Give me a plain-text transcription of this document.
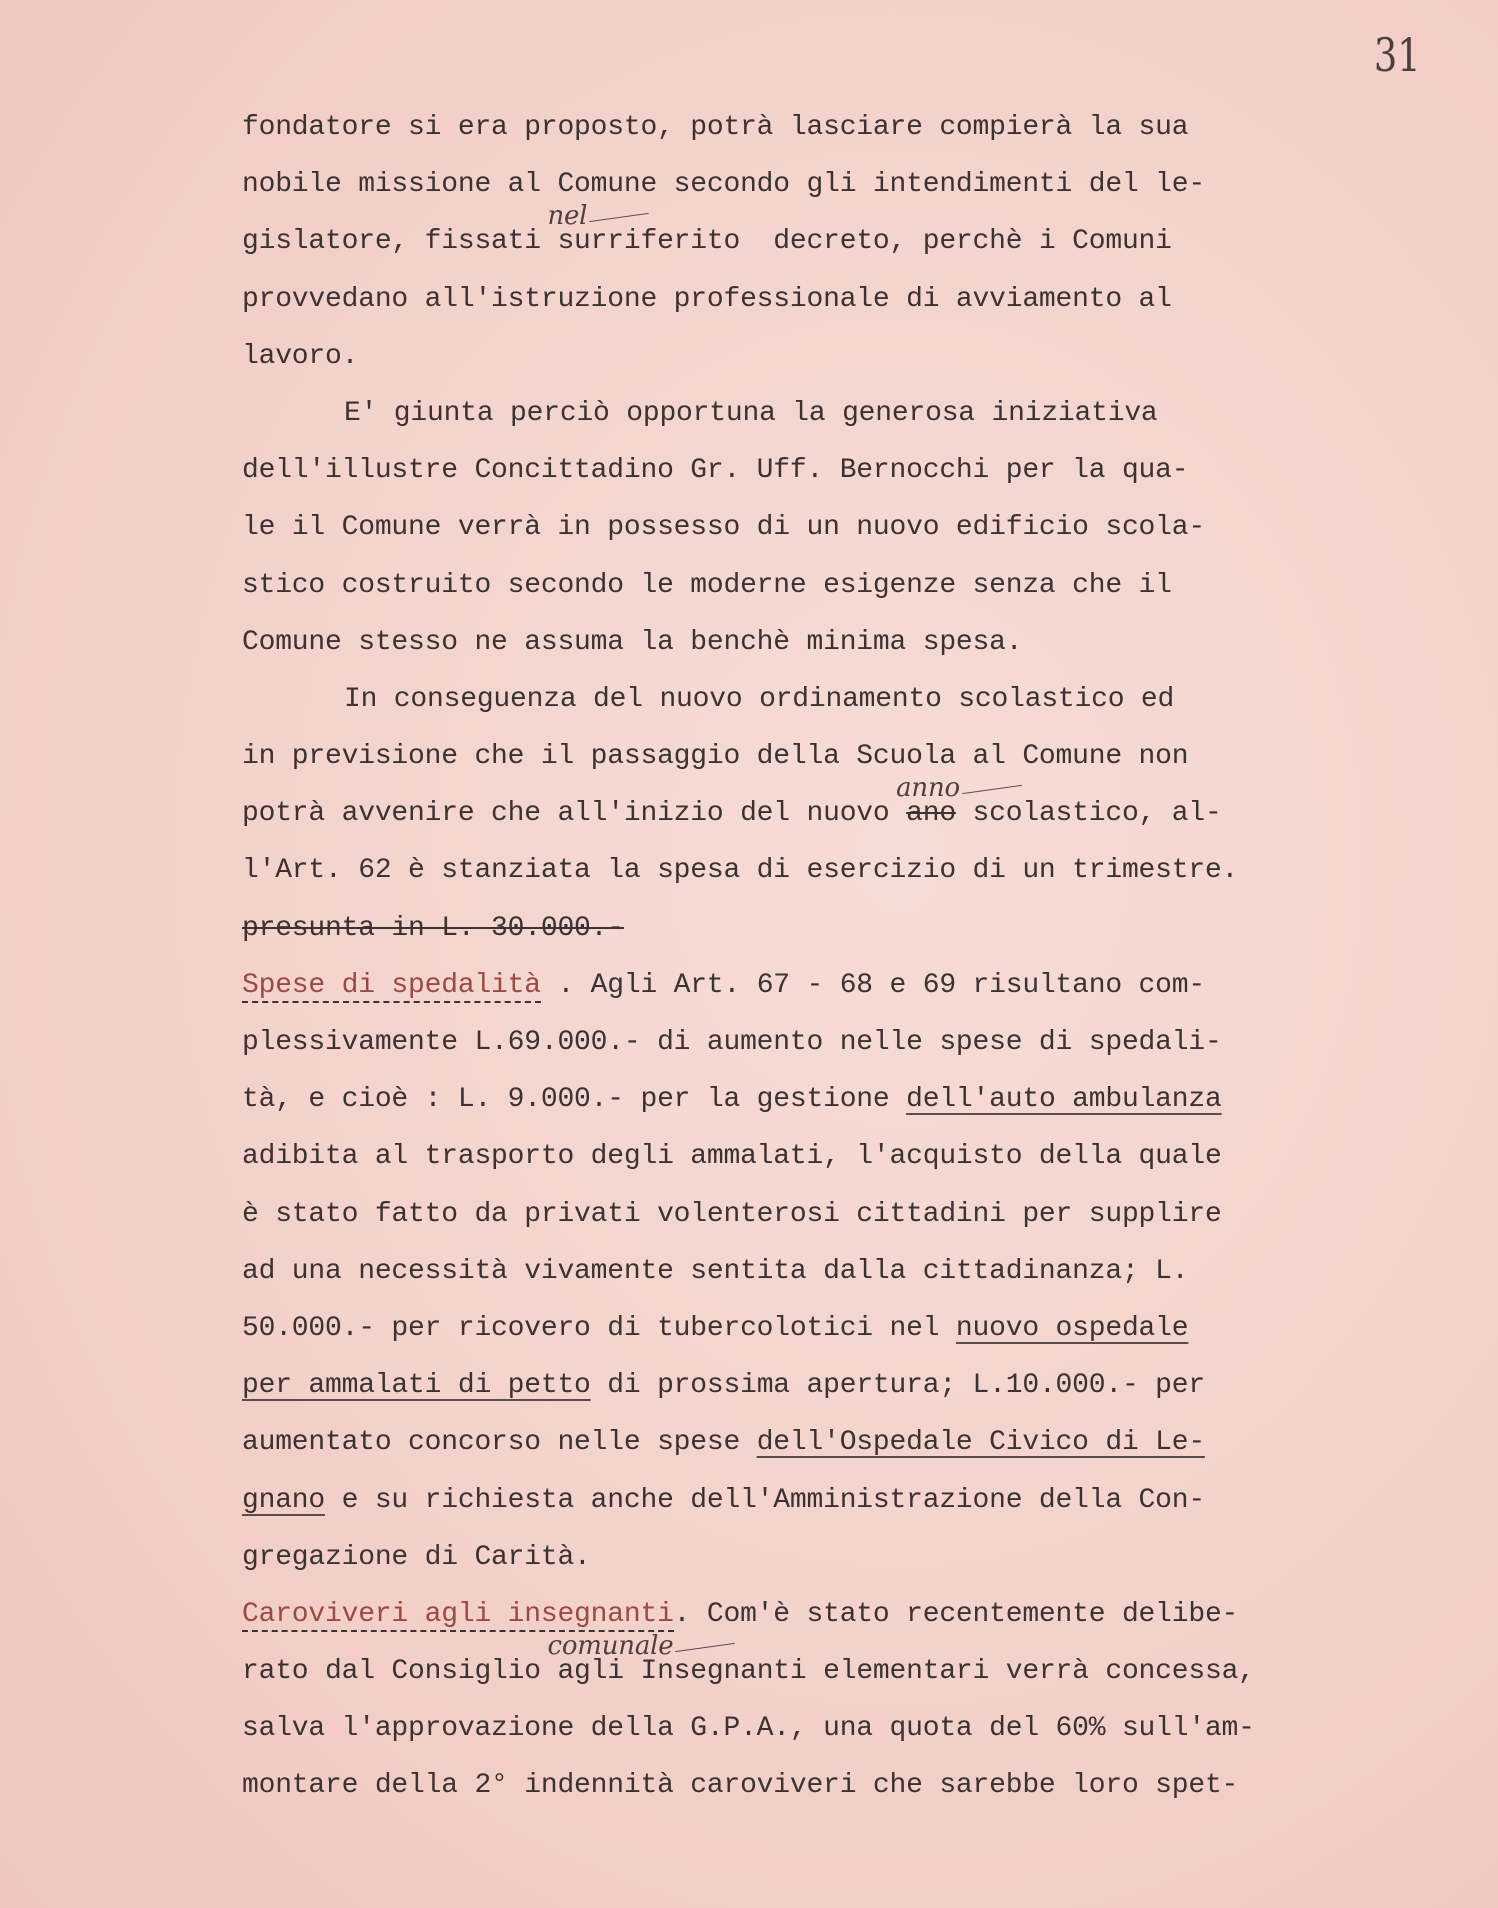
31
fondatore si era proposto, potrà lasciare compierà la sua
nobile missione al Comune secondo gli intendimenti del le-
gislatore, fissati surriferito
nel
decreto, perchè i Comuni
provvedano all'istruzione professionale di avviamento al
lavoro.
E' giunta perciò opportuna la generosa iniziativa
dell'illustre Concittadino Gr. Uff. Bernocchi per la qua-
le il Comune verrà in possesso di un nuovo edificio scola-
stico costruito secondo le moderne esigenze senza che il
Comune stesso ne assuma la benchè minima spesa.
In conseguenza del nuovo ordinamento scolastico ed
in previsione che il passaggio della Scuola al Comune non
potrà avvenire che all'inizio del nuovo ano
anno
scolastico, al-
l'Art. 62 è stanziata la spesa di esercizio di un trimestre.
presunta in L. 30.000.-
Spese di spedalità . Agli Art. 67 - 68 e 69 risultano com-
plessivamente L.69.000.- di aumento nelle spese di spedali-
tà, e cioè : L. 9.000.- per la gestione dell'auto ambulanza
adibita al trasporto degli ammalati, l'acquisto della quale
è stato fatto da privati volenterosi cittadini per supplire
ad una necessità vivamente sentita dalla cittadinanza; L.
50.000.- per ricovero di tubercolotici nel nuovo ospedale
per ammalati di petto di prossima apertura; L.10.000.- per
aumentato concorso nelle spese dell'Ospedale Civico di Le-
gnano e su richiesta anche dell'Amministrazione della Con-
gregazione di Carità.
Caroviveri agli insegnanti. Com'è stato recentemente delibe-
rato dal Consiglio agli
comunale
Insegnanti elementari verrà concessa,
salva l'approvazione della G.P.A., una quota del 60% sull'am-
montare della 2° indennità caroviveri che sarebbe loro spet-
